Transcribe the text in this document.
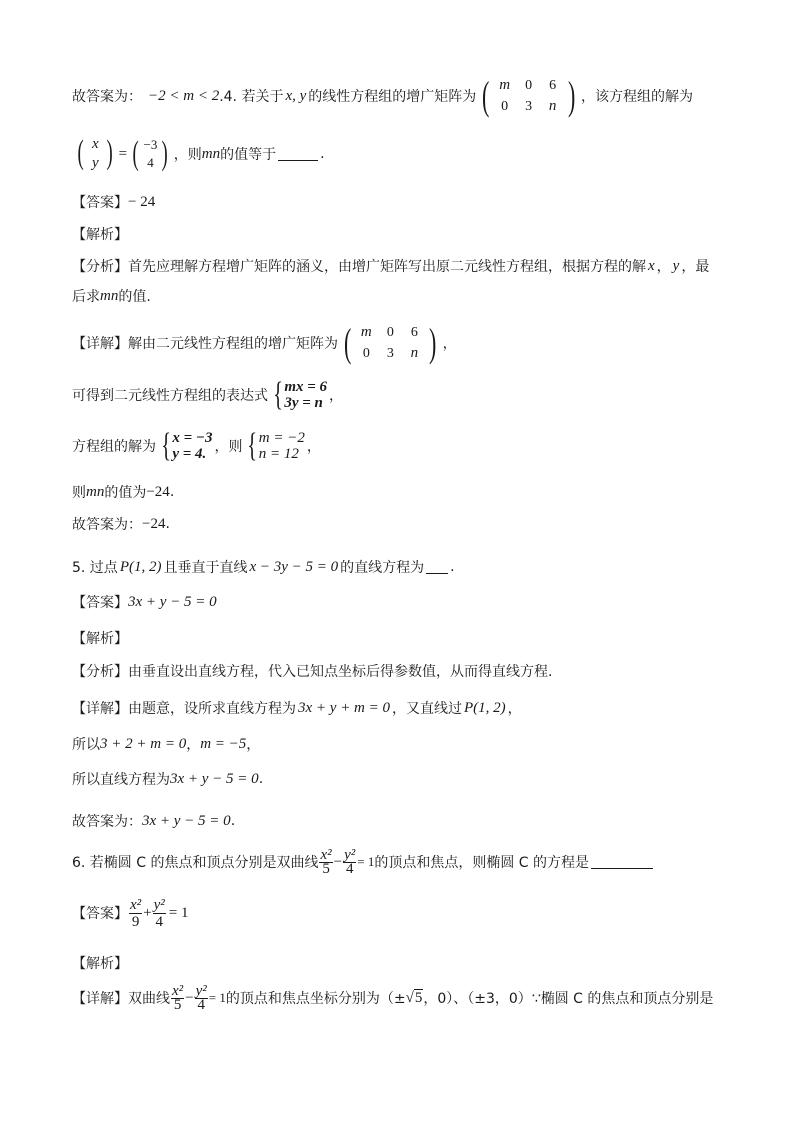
故答案为： −2 < m < 2 .4. 若关于 x, y 的线性方程组的增广矩阵为 ( m	0	6
0	3	n ) ，该方程组的解为
( x
y ) = ( −3
4 ) ，则 mn 的值等于	.
【答案】 − 24
【解析】
【分析】 首先应理解方程增广矩阵的涵义，由增广矩阵写出原二元线性方程组，根据方程的解 x ， y ，最
后求 mn 的值.
【详解】 解由二元线性方程组的增广矩阵为 ( m	0	6
0	3	n ) ，
可得到二元线性方程组的表达式 { mx = 6
3y = n ，
方程组的解为 { x = −3
y = 4. ，则 { m = −2
n = 12 ，
则 mn 的值为 −24 .
故答案为： −24 .
5. 过点 P(1, 2) 且垂直于直线 x − 3y − 5 = 0 的直线方程为 .
【答案】 3x + y − 5 = 0
【解析】
【分析】 由垂直设出直线方程，代入已知点坐标后得参数值，从而得直线方程.
【详解】 由题意，设所求直线方程为 3x + y + m = 0 ，又直线过 P(1, 2) ，
所以 3 + 2 + m = 0 ， m = −5 ，
所以直线方程为 3x + y − 5 = 0 .
故答案为： 3x + y − 5 = 0 .
6. 若椭圆 C 的焦点和顶点分别是双曲线 $\frac{\text{x²}}{5} - \frac{\text{y²}}{4} = 1$ 的顶点和焦点，则椭圆 C 的方程是
【答案】 $\frac{\text{x²}}{9} + \frac{\text{y²}}{4} = 1$
【解析】
【详解】 双曲线 $\frac{\text{x²}}{5} - \frac{\text{y²}}{4} = 1$ 的顶点和焦点坐标分别为（± √5 ，0）、（±3，0）∵椭圆 C 的焦点和顶点分别是
